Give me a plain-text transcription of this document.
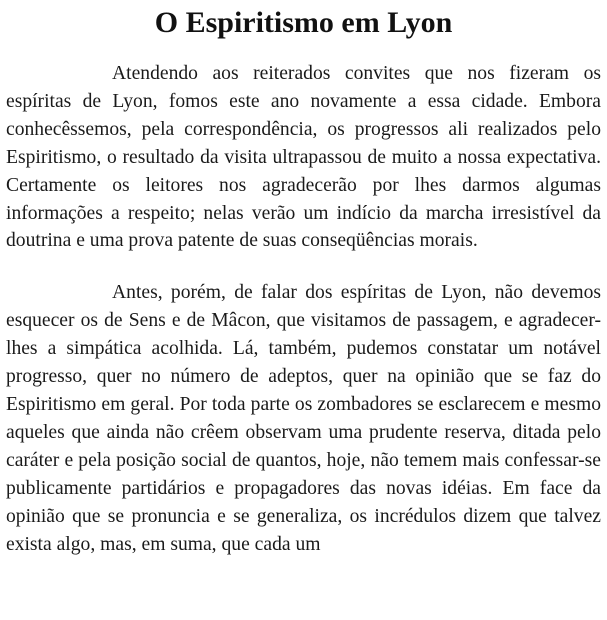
O Espiritismo em Lyon

Atendendo aos reiterados convites que nos fizeram os espíritas de Lyon, fomos este ano novamente a essa cidade. Embora conhecêssemos, pela correspondência, os progressos ali realizados pelo Espiritismo, o resultado da visita ultrapassou de muito a nossa expectativa. Certamente os leitores nos agradecerão por lhes darmos algumas informações a respeito; nelas verão um indício da marcha irresistível da doutrina e uma prova patente de suas conseqüências morais.

Antes, porém, de falar dos espíritas de Lyon, não devemos esquecer os de Sens e de Mâcon, que visitamos de passagem, e agradecer-lhes a simpática acolhida. Lá, também, pudemos constatar um notável progresso, quer no número de adeptos, quer na opinião que se faz do Espiritismo em geral. Por toda parte os zombadores se esclarecem e mesmo aqueles que ainda não crêem observam uma prudente reserva, ditada pelo caráter e pela posição social de quantos, hoje, não temem mais confessar-se publicamente partidários e propagadores das novas idéias. Em face da opinião que se pronuncia e se generaliza, os incrédulos dizem que talvez exista algo, mas, em suma, que cada um
